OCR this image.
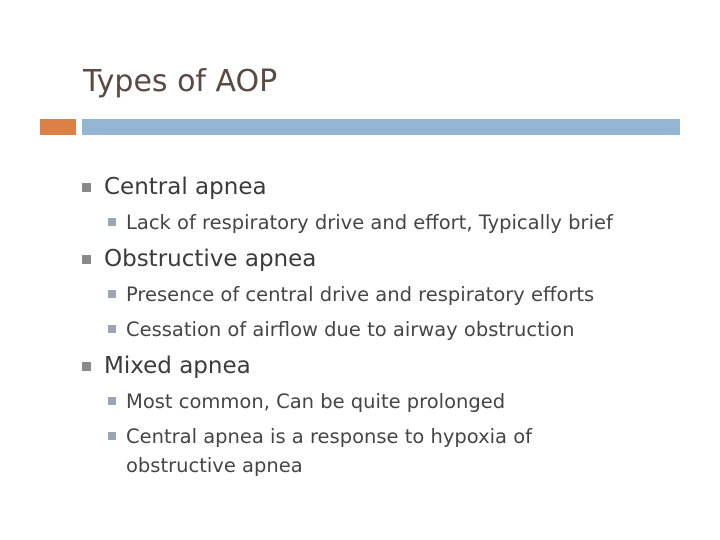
Types of AOP
Central apnea
Lack of respiratory drive and effort, Typically brief
Obstructive apnea
Presence of central drive and respiratory efforts
Cessation of airflow due to airway obstruction
Mixed apnea
Most common, Can be quite prolonged
Central apnea is a response to hypoxia of obstructive apnea
